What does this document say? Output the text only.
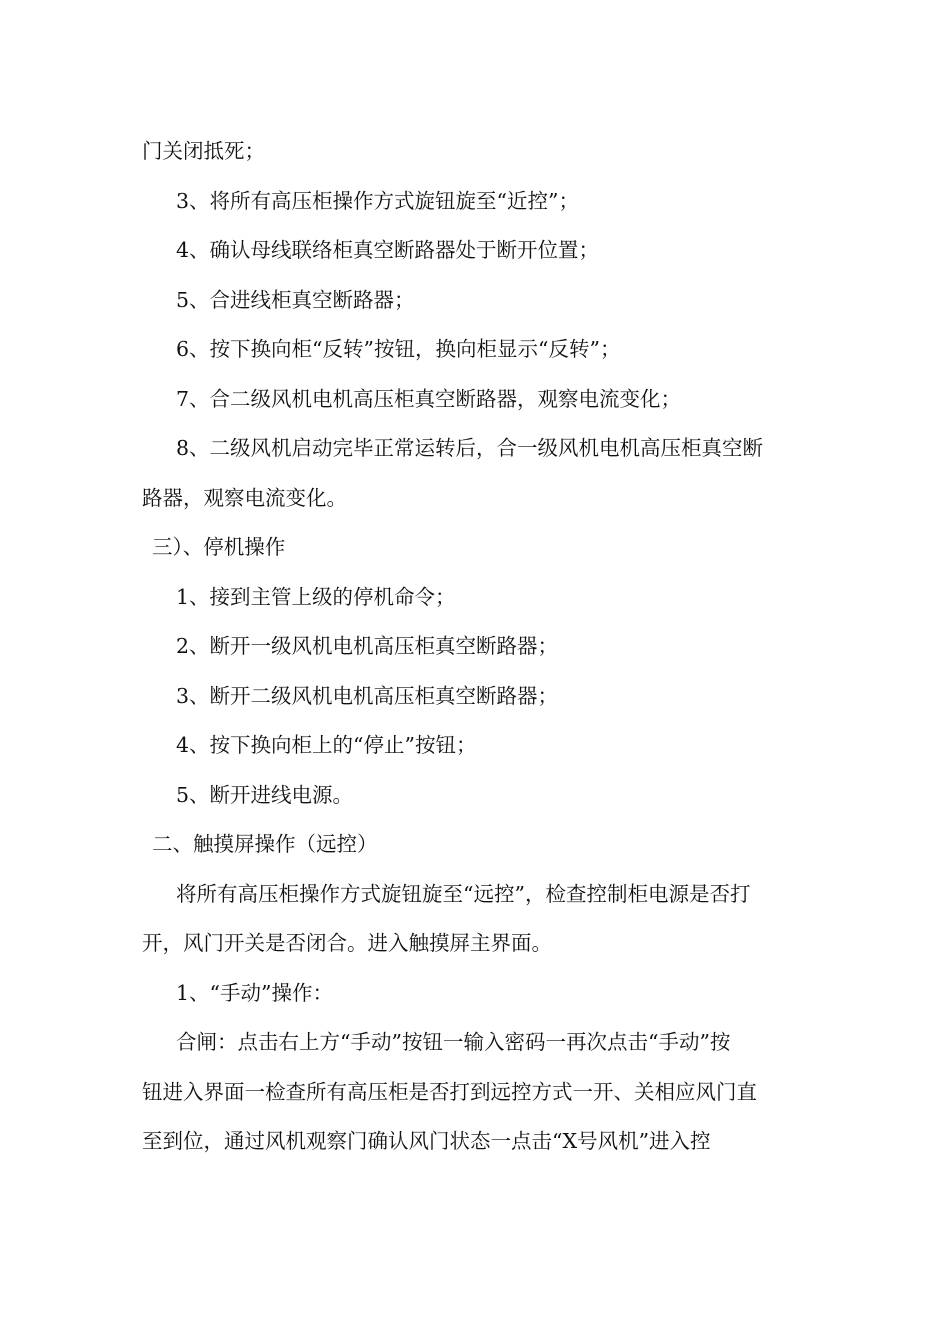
门关闭抵死；
3、将所有高压柜操作方式旋钮旋至“近控”；
4、确认母线联络柜真空断路器处于断开位置；
5、合进线柜真空断路器；
6、按下换向柜“反转”按钮，换向柜显示“反转”；
7、合二级风机电机高压柜真空断路器，观察电流变化；
8、二级风机启动完毕正常运转后，合一级风机电机高压柜真空断
路器，观察电流变化。
三）、停机操作
1、接到主管上级的停机命令；
2、断开一级风机电机高压柜真空断路器；
3、断开二级风机电机高压柜真空断路器；
4、按下换向柜上的“停止”按钮；
5、断开进线电源。
二、触摸屏操作（远控）
将所有高压柜操作方式旋钮旋至“远控”，检查控制柜电源是否打
开，风门开关是否闭合。进入触摸屏主界面。
1、“手动”操作：
合闸：点击右上方“手动”按钮一输入密码一再次点击“手动”按
钮进入界面一检查所有高压柜是否打到远控方式一开、关相应风门直
至到位，通过风机观察门确认风门状态一点击“X号风机”进入控
